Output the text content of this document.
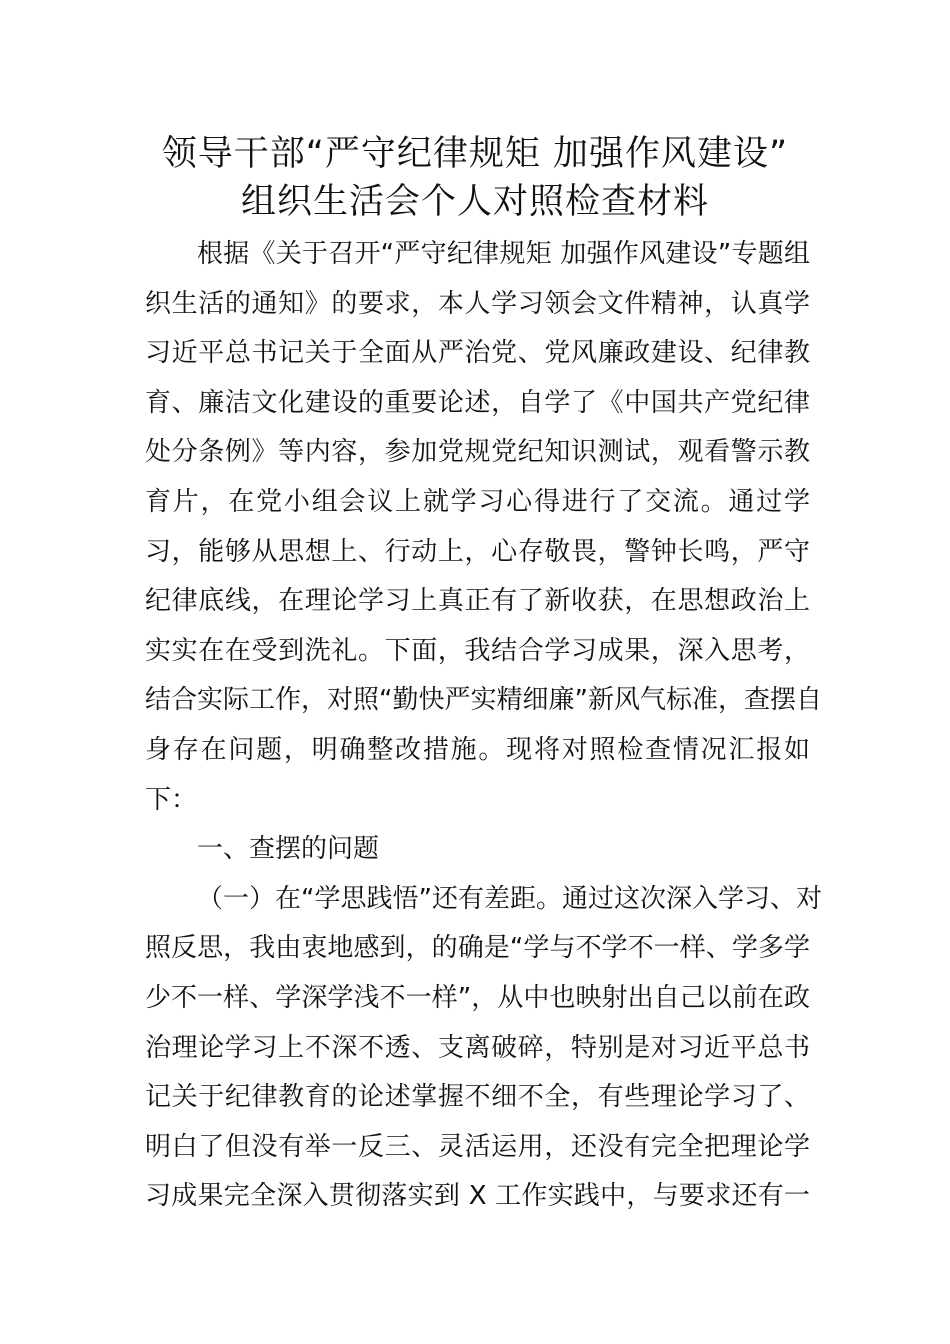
领导干部“严守纪律规矩 加强作风建设”
组织生活会个人对照检查材料
根据《关于召开“严守纪律规矩 加强作风建设”专题组
织生活的通知》的要求，本人学习领会文件精神，认真学
习近平总书记关于全面从严治党、党风廉政建设、纪律教
育、廉洁文化建设的重要论述，自学了《中国共产党纪律
处分条例》等内容，参加党规党纪知识测试，观看警示教
育片，在党小组会议上就学习心得进行了交流。通过学
习，能够从思想上、行动上，心存敬畏，警钟长鸣，严守
纪律底线，在理论学习上真正有了新收获，在思想政治上
实实在在受到洗礼。下面，我结合学习成果，深入思考，
结合实际工作，对照“勤快严实精细廉”新风气标准，查摆自
身存在问题，明确整改措施。现将对照检查情况汇报如
下：
一、查摆的问题
（一）在“学思践悟”还有差距。通过这次深入学习、对
照反思，我由衷地感到，的确是“学与不学不一样、学多学
少不一样、学深学浅不一样”，从中也映射出自己以前在政
治理论学习上不深不透、支离破碎，特别是对习近平总书
记关于纪律教育的论述掌握不细不全，有些理论学习了、
明白了但没有举一反三、灵活运用，还没有完全把理论学
习成果完全深入贯彻落实到 X 工作实践中，与要求还有一
